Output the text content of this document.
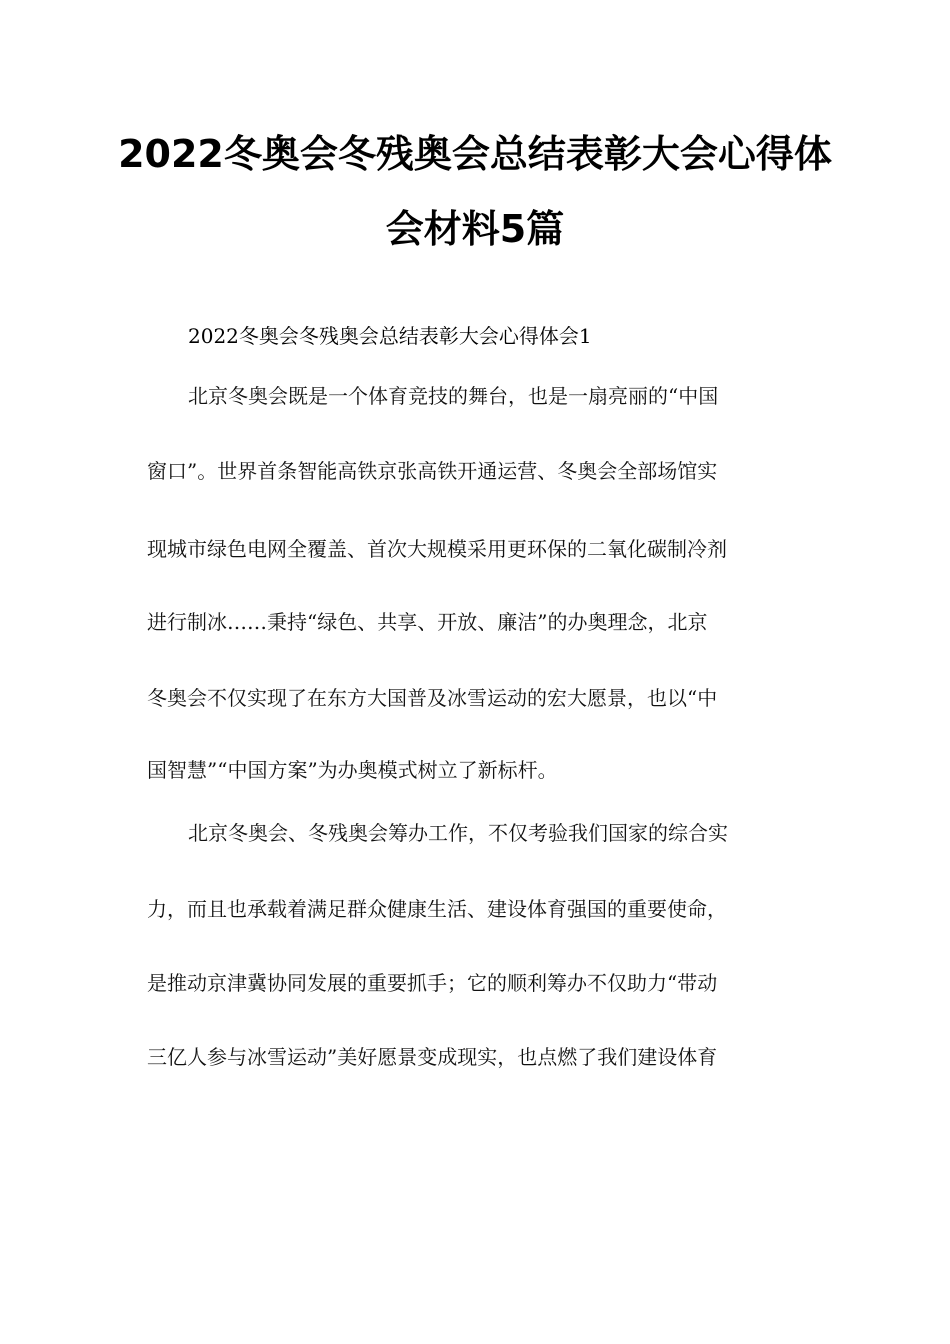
2022冬奥会冬残奥会总结表彰大会心得体
会材料5篇

2022冬奥会冬残奥会总结表彰大会心得体会1

北京冬奥会既是一个体育竞技的舞台，也是一扇亮丽的“中国

窗口”。世界首条智能高铁京张高铁开通运营、冬奥会全部场馆实

现城市绿色电网全覆盖、首次大规模采用更环保的二氧化碳制冷剂

进行制冰……秉持“绿色、共享、开放、廉洁”的办奥理念，北京

冬奥会不仅实现了在东方大国普及冰雪运动的宏大愿景，也以“中

国智慧”“中国方案”为办奥模式树立了新标杆。

北京冬奥会、冬残奥会筹办工作，不仅考验我们国家的综合实

力，而且也承载着满足群众健康生活、建设体育强国的重要使命，

是推动京津冀协同发展的重要抓手；它的顺利筹办不仅助力“带动

三亿人参与冰雪运动”美好愿景变成现实，也点燃了我们建设体育
